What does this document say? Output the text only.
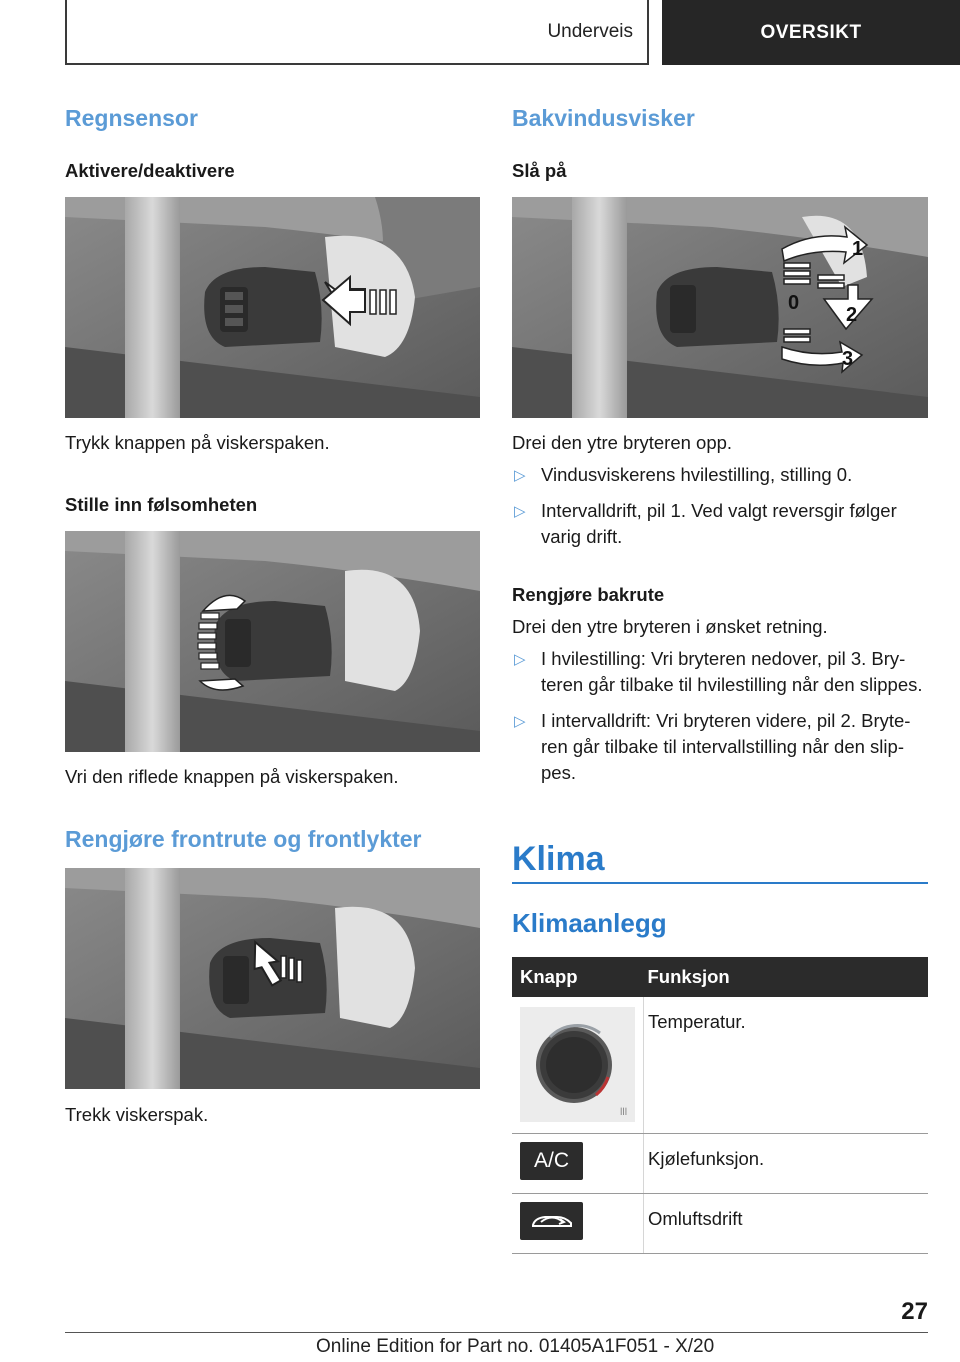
Underveis	OVERSIKT
Regnsensor
Aktivere/deaktivere
Trykk knappen på viskerspaken.
Stille inn følsomheten
Vri den riflede knappen på viskerspaken.
Rengjøre frontrute og frontlykter
Trekk viskerspak.
Bakvindusvisker
Slå på
1
0
2
3
Drei den ytre bryteren opp.
▷ Vindusviskerens hvilestilling, stilling 0.
▷ Intervalldrift, pil 1. Ved valgt reversgir følger varig drift.
Rengjøre bakrute
Drei den ytre bryteren i ønsket retning.
▷ I hvilestilling: Vri bryteren nedover, pil 3. Bryteren går tilbake til hvilestilling når den slippes.
▷ I intervalldrift: Vri bryteren videre, pil 2. Bryteren går tilbake til intervallstilling når den slippes.
Klima
Klimaanlegg
Knapp	Funksjon

ꟾꟾꟾ	Temperatur.

A/C	Kjølefunksjon.

	Omluftsdrift
27
Online Edition for Part no. 01405A1F051 - X/20
